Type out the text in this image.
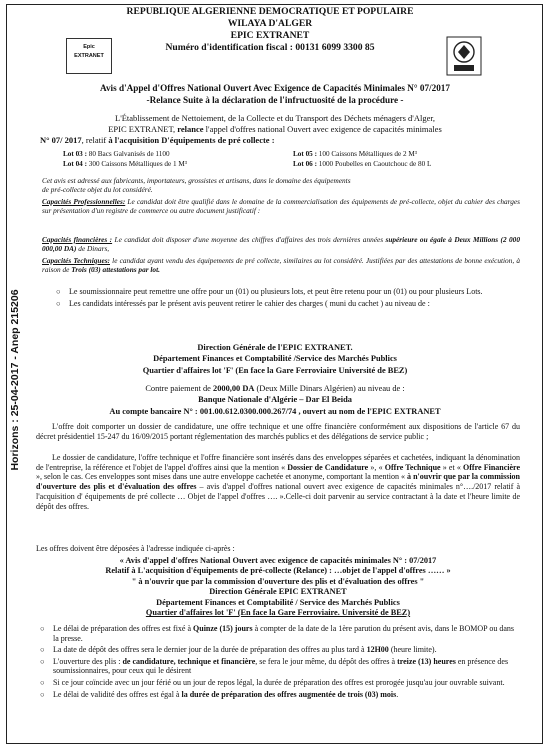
Horizons : 25-04-2017 - Anep 215206
Epic
EXTRANET
REPUBLIQUE ALGERIENNE DEMOCRATIQUE ET POPULAIRE
WILAYA D'ALGER
EPIC EXTRANET
Numéro d'identification fiscal : 00131 6099 3300 85
Avis d'Appel d'Offres National Ouvert Avec Exigence de Capacités Minimales N° 07/2017
-Relance Suite à la déclaration de l'infructuosité de la procédure -
L'Établissement de Nettoiement, de la Collecte et du Transport des Déchets ménagers d'Alger,
EPIC EXTRANET, relance l'appel d'offres national Ouvert avec exigence de capacités minimales
N° 07/ 2017, relatif à l'acquisition D'équipements de pré collecte :
Lot 03 : 80 Bacs Galvanisés de 1100
Lot 04 : 300 Caissons Métalliques de 1 M³
Lot 05 : 100 Caissons Métalliques de 2 M³
Lot 06 : 1000 Poubelles en Caoutchouc de 80 L
Cet avis est adressé aux fabricants, importateurs, grossistes et artisans, dans le domaine des équipements
de pré-collecte objet du lot considéré.
Capacités Professionnelles: Le candidat doit être qualifié dans le domaine de la commercialisation des équipements de pré-collecte, objet du cahier des charges sur présentation d'un registre de commerce ou autre document justificatif :
Capacités financières : Le candidat doit disposer d'une moyenne des chiffres d'affaires des trois dernières années supérieure ou égale à Deux Millions (2 000 000,00 DA) de Dinars,
Capacités Techniques: le candidat ayant vendu des équipements de pré collecte, similaires au lot considéré. Justifiées par des attestations de bonne exécution, à raison de Trois (03) attestations par lot.
○ Le soumissionnaire peut remettre une offre pour un (01) ou plusieurs lots, et peut être retenu pour un (01) ou pour plusieurs Lots.
○ Les candidats intéressés par le présent avis peuvent retirer le cahier des charges ( muni du cachet ) au niveau de :
Direction Générale de l'EPIC EXTRANET.
Département Finances et Comptabilité /Service des Marchés Publics
Quartier d'affaires lot 'F' (En face la Gare Ferroviaire Université de BEZ)
Contre paiement de 2000,00 DA (Deux Mille Dinars Algérien) au niveau de :
Banque Nationale d'Algérie – Dar El Beida
Au compte bancaire N° : 001.00.612.0300.000.267/74 , ouvert au nom de l'EPIC EXTRANET
L'offre doit comporter un dossier de candidature, une offre technique et une offre financière conformément aux dispositions de l'article 67 du décret présidentiel 15-247 du 16/09/2015 portant réglementation des marchés publics et des délégations de service public ;
Le dossier de candidature, l'offre technique et l'offre financière sont insérés dans des enveloppes séparées et cachetées, indiquant la dénomination de l'entreprise, la référence et l'objet de l'appel d'offres ainsi que la mention « Dossier de Candidature », « Offre Technique » et « Offre Financière », selon le cas. Ces enveloppes sont mises dans une autre enveloppe cachetée et anonyme, comportant la mention « à n'ouvrir que par la commission d'ouverture des plis et d'évaluation des offres – avis d'appel d'offres national ouvert avec exigence de capacités minimales n°…./2017 relatif à l'acquisition d' équipements de pré collecte … Objet de l'appel d'offres …. ».Celle-ci doit parvenir au service contractant à la date et l'heure limite de dépôt des offres.
Les offres doivent être déposées à l'adresse indiquée ci-après :
« Avis d'appel d'offres National Ouvert avec exigence de capacités minimales N° : 07/2017
Relatif à L'acquisition d'équipements de pré-collecte (Relance) : …objet de l'appel d'offres …… »
" à n'ouvrir que par la commission d'ouverture des plis et d'évaluation des offres "
Direction Générale EPIC EXTRANET
Département Finances et Comptabilité / Service des Marchés Publics
Quartier d'affaires lot 'F' (En face la Gare Ferroviaire. Université de BEZ)
○ Le délai de préparation des offres est fixé à Quinze (15) jours à compter de la date de la 1ère parution du présent avis, dans le BOMOP ou dans la presse.
○ La date de dépôt des offres sera le dernier jour de la durée de préparation des offres au plus tard à 12H00 (heure limite).
○ L'ouverture des plis : de candidature, technique et financière, se fera le jour même, du dépôt des offres à treize (13) heures en présence des soumissionnaires, pour ceux qui le désirent
○ Si ce jour coïncide avec un jour férié ou un jour de repos légal, la durée de préparation des offres est prorogée jusqu'au jour ouvrable suivant.
○ Le délai de validité des offres est égal à la durée de préparation des offres augmentée de trois (03) mois.
